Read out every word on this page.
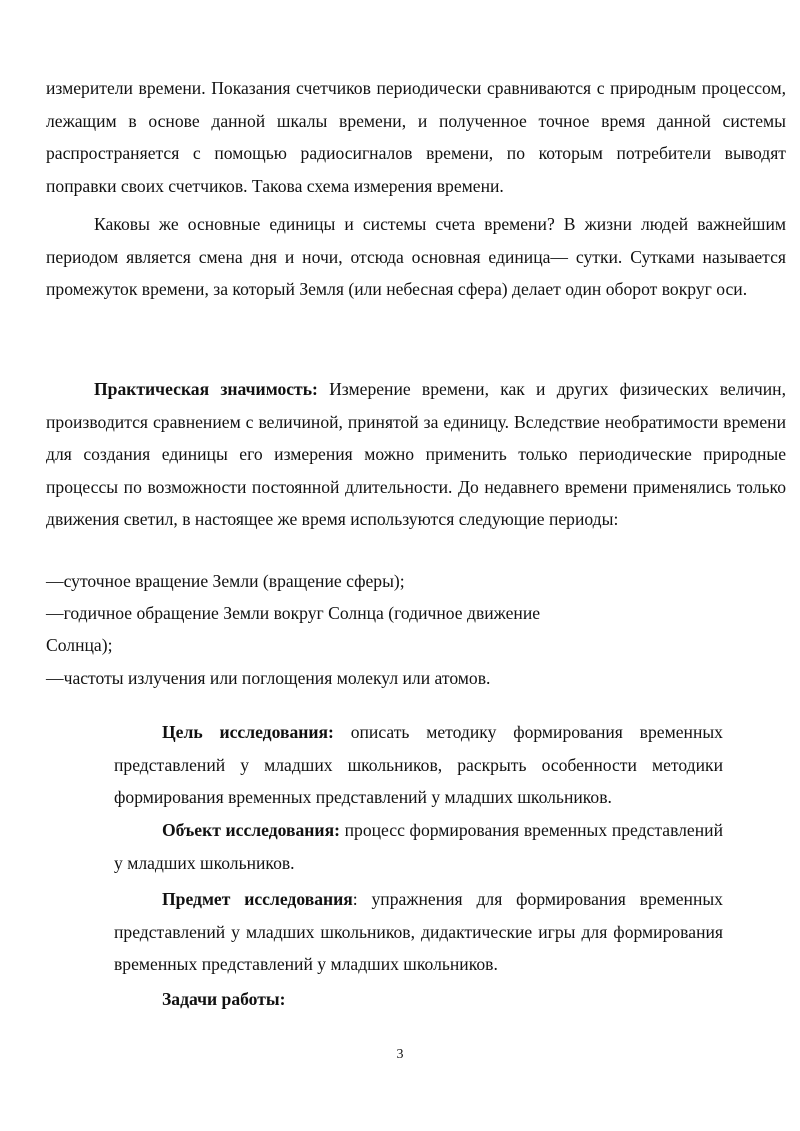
измерители времени. Показания счетчиков периодически сравниваются с природным процессом, лежащим в основе данной шкалы времени, и полученное точное время данной системы распространяется с помощью радиосигналов времени, по которым потребители выводят поправки своих счетчиков. Такова схема измерения времени.
Каковы же основные единицы и системы счета времени? В жизни людей важнейшим периодом является смена дня и ночи, отсюда основная единица— сутки. Сутками называется промежуток времени, за который Земля (или небесная сфера) делает один оборот вокруг оси.
Практическая значимость: Измерение времени, как и других физических величин, производится сравнением с величиной, принятой за единицу. Вследствие необратимости времени для создания единицы его измерения можно применить только периодические природные процессы по возможности постоянной длительности. До недавнего времени применялись только движения светил, в настоящее же время используются следующие периоды:
—суточное вращение Земли (вращение сферы);
—годичное обращение Земли вокруг Солнца (годичное движение
Солнца);
—частоты излучения или поглощения молекул или атомов.
Цель исследования: описать методику формирования временных представлений у младших школьников, раскрыть особенности методики формирования временных представлений у младших школьников.
Объект исследования: процесс формирования временных представлений у младших школьников.
Предмет исследования: упражнения для формирования временных представлений у младших школьников, дидактические игры для формирования временных представлений у младших школьников.
Задачи работы:
3
